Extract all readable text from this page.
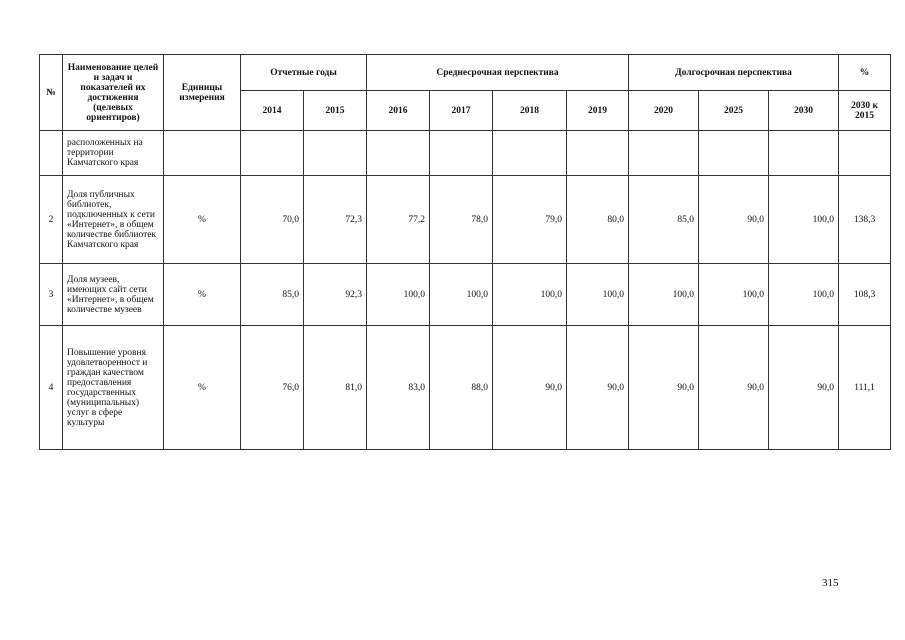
№	Наименование целей и задач и показателей их достижения (целевых ориентиров)	Единицы измерения	Отчетные годы		Среднесрочная перспектива				Долгосрочная перспектива			%
			2014	2015	2016	2017	2018	2019	2020	2025	2030	2030 к 2015
	расположенных на территории Камчатского края											
2	Доля публичных библиотек, подключенных к сети «Интернет», в общем количестве библиотек Камчатского края	%	70,0	72,3	77,2	78,0	79,0	80,0	85,0	90,0	100,0	138,3
3	Доля музеев, имеющих сайт сети «Интернет», в общем количестве музеев	%	85,0	92,3	100,0	100,0	100,0	100,0	100,0	100,0	100,0	108,3
4	Повышение уровня удовлетворенност и граждан качеством предоставления государственных (муниципальных) услуг в сфере культуры	%	76,0	81,0	83,0	88,0	90,0	90,0	90,0	90,0	90,0	111,1
315
